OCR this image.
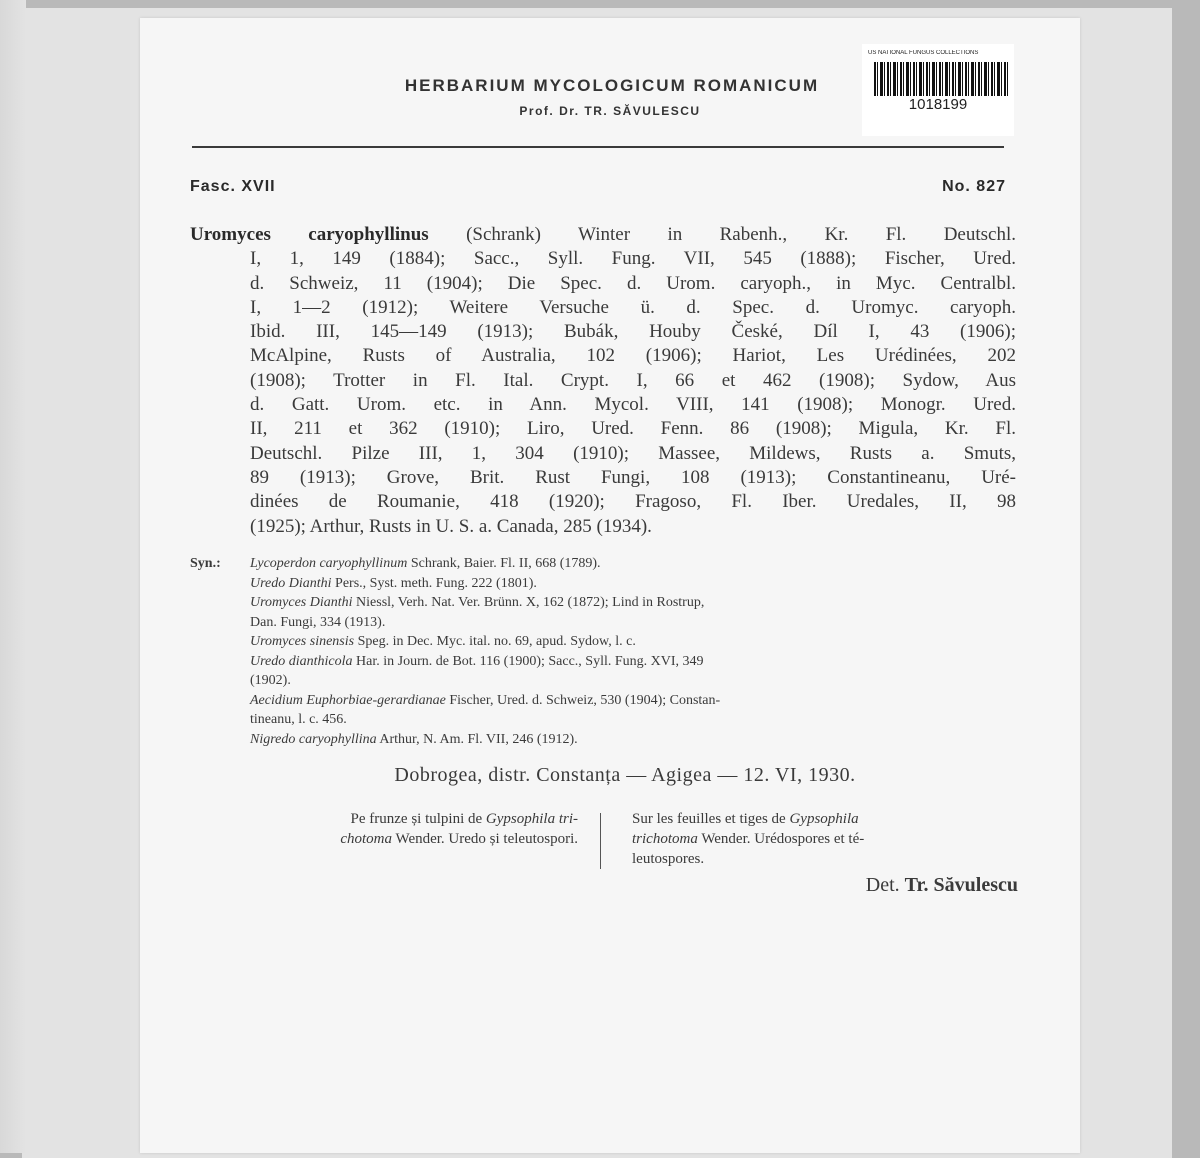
HERBARIUM MYCOLOGICUM ROMANICUM
Prof. Dr. TR. SĂVULESCU
US NATIONAL FUNGUS COLLECTIONS
1018199
Fasc. XVII	No. 827
Uromyces caryophyllinus (Schrank) Winter in Rabenh., Kr. Fl. Deutschl.
I, 1, 149 (1884); Sacc., Syll. Fung. VII, 545 (1888); Fischer, Ured.
d. Schweiz, 11 (1904); Die Spec. d. Urom. caryoph., in Myc. Centralbl.
I, 1—2 (1912); Weitere Versuche ü. d. Spec. d. Uromyc. caryoph.
Ibid. III, 145—149 (1913); Bubák, Houby České, Díl I, 43 (1906);
McAlpine, Rusts of Australia, 102 (1906); Hariot, Les Urédinées, 202
(1908); Trotter in Fl. Ital. Crypt. I, 66 et 462 (1908); Sydow, Aus
d. Gatt. Urom. etc. in Ann. Mycol. VIII, 141 (1908); Monogr. Ured.
II, 211 et 362 (1910); Liro, Ured. Fenn. 86 (1908); Migula, Kr. Fl.
Deutschl. Pilze III, 1, 304 (1910); Massee, Mildews, Rusts a. Smuts,
89 (1913); Grove, Brit. Rust Fungi, 108 (1913); Constantineanu, Uré-
dinées de Roumanie, 418 (1920); Fragoso, Fl. Iber. Uredales, II, 98
(1925); Arthur, Rusts in U. S. a. Canada, 285 (1934).
Syn.: Lycoperdon caryophyllinum Schrank, Baier. Fl. II, 668 (1789).
Uredo Dianthi Pers., Syst. meth. Fung. 222 (1801).
Uromyces Dianthi Niessl, Verh. Nat. Ver. Brünn. X, 162 (1872); Lind in Rostrup,
Dan. Fungi, 334 (1913).
Uromyces sinensis Speg. in Dec. Myc. ital. no. 69, apud. Sydow, l. c.
Uredo dianthicola Har. in Journ. de Bot. 116 (1900); Sacc., Syll. Fung. XVI, 349
(1902).
Aecidium Euphorbiae-gerardianae Fischer, Ured. d. Schweiz, 530 (1904); Constan-
tineanu, l. c. 456.
Nigredo caryophyllina Arthur, N. Am. Fl. VII, 246 (1912).
Dobrogea, distr. Constanța — Agigea — 12. VI, 1930.
Pe frunze și tulpini de Gypsophila tri-
chotoma Wender. Uredo și teleutospori.
Sur les feuilles et tiges de Gypsophila
trichotoma Wender. Urédospores et té-
leutospores.
Det. Tr. Săvulescu
